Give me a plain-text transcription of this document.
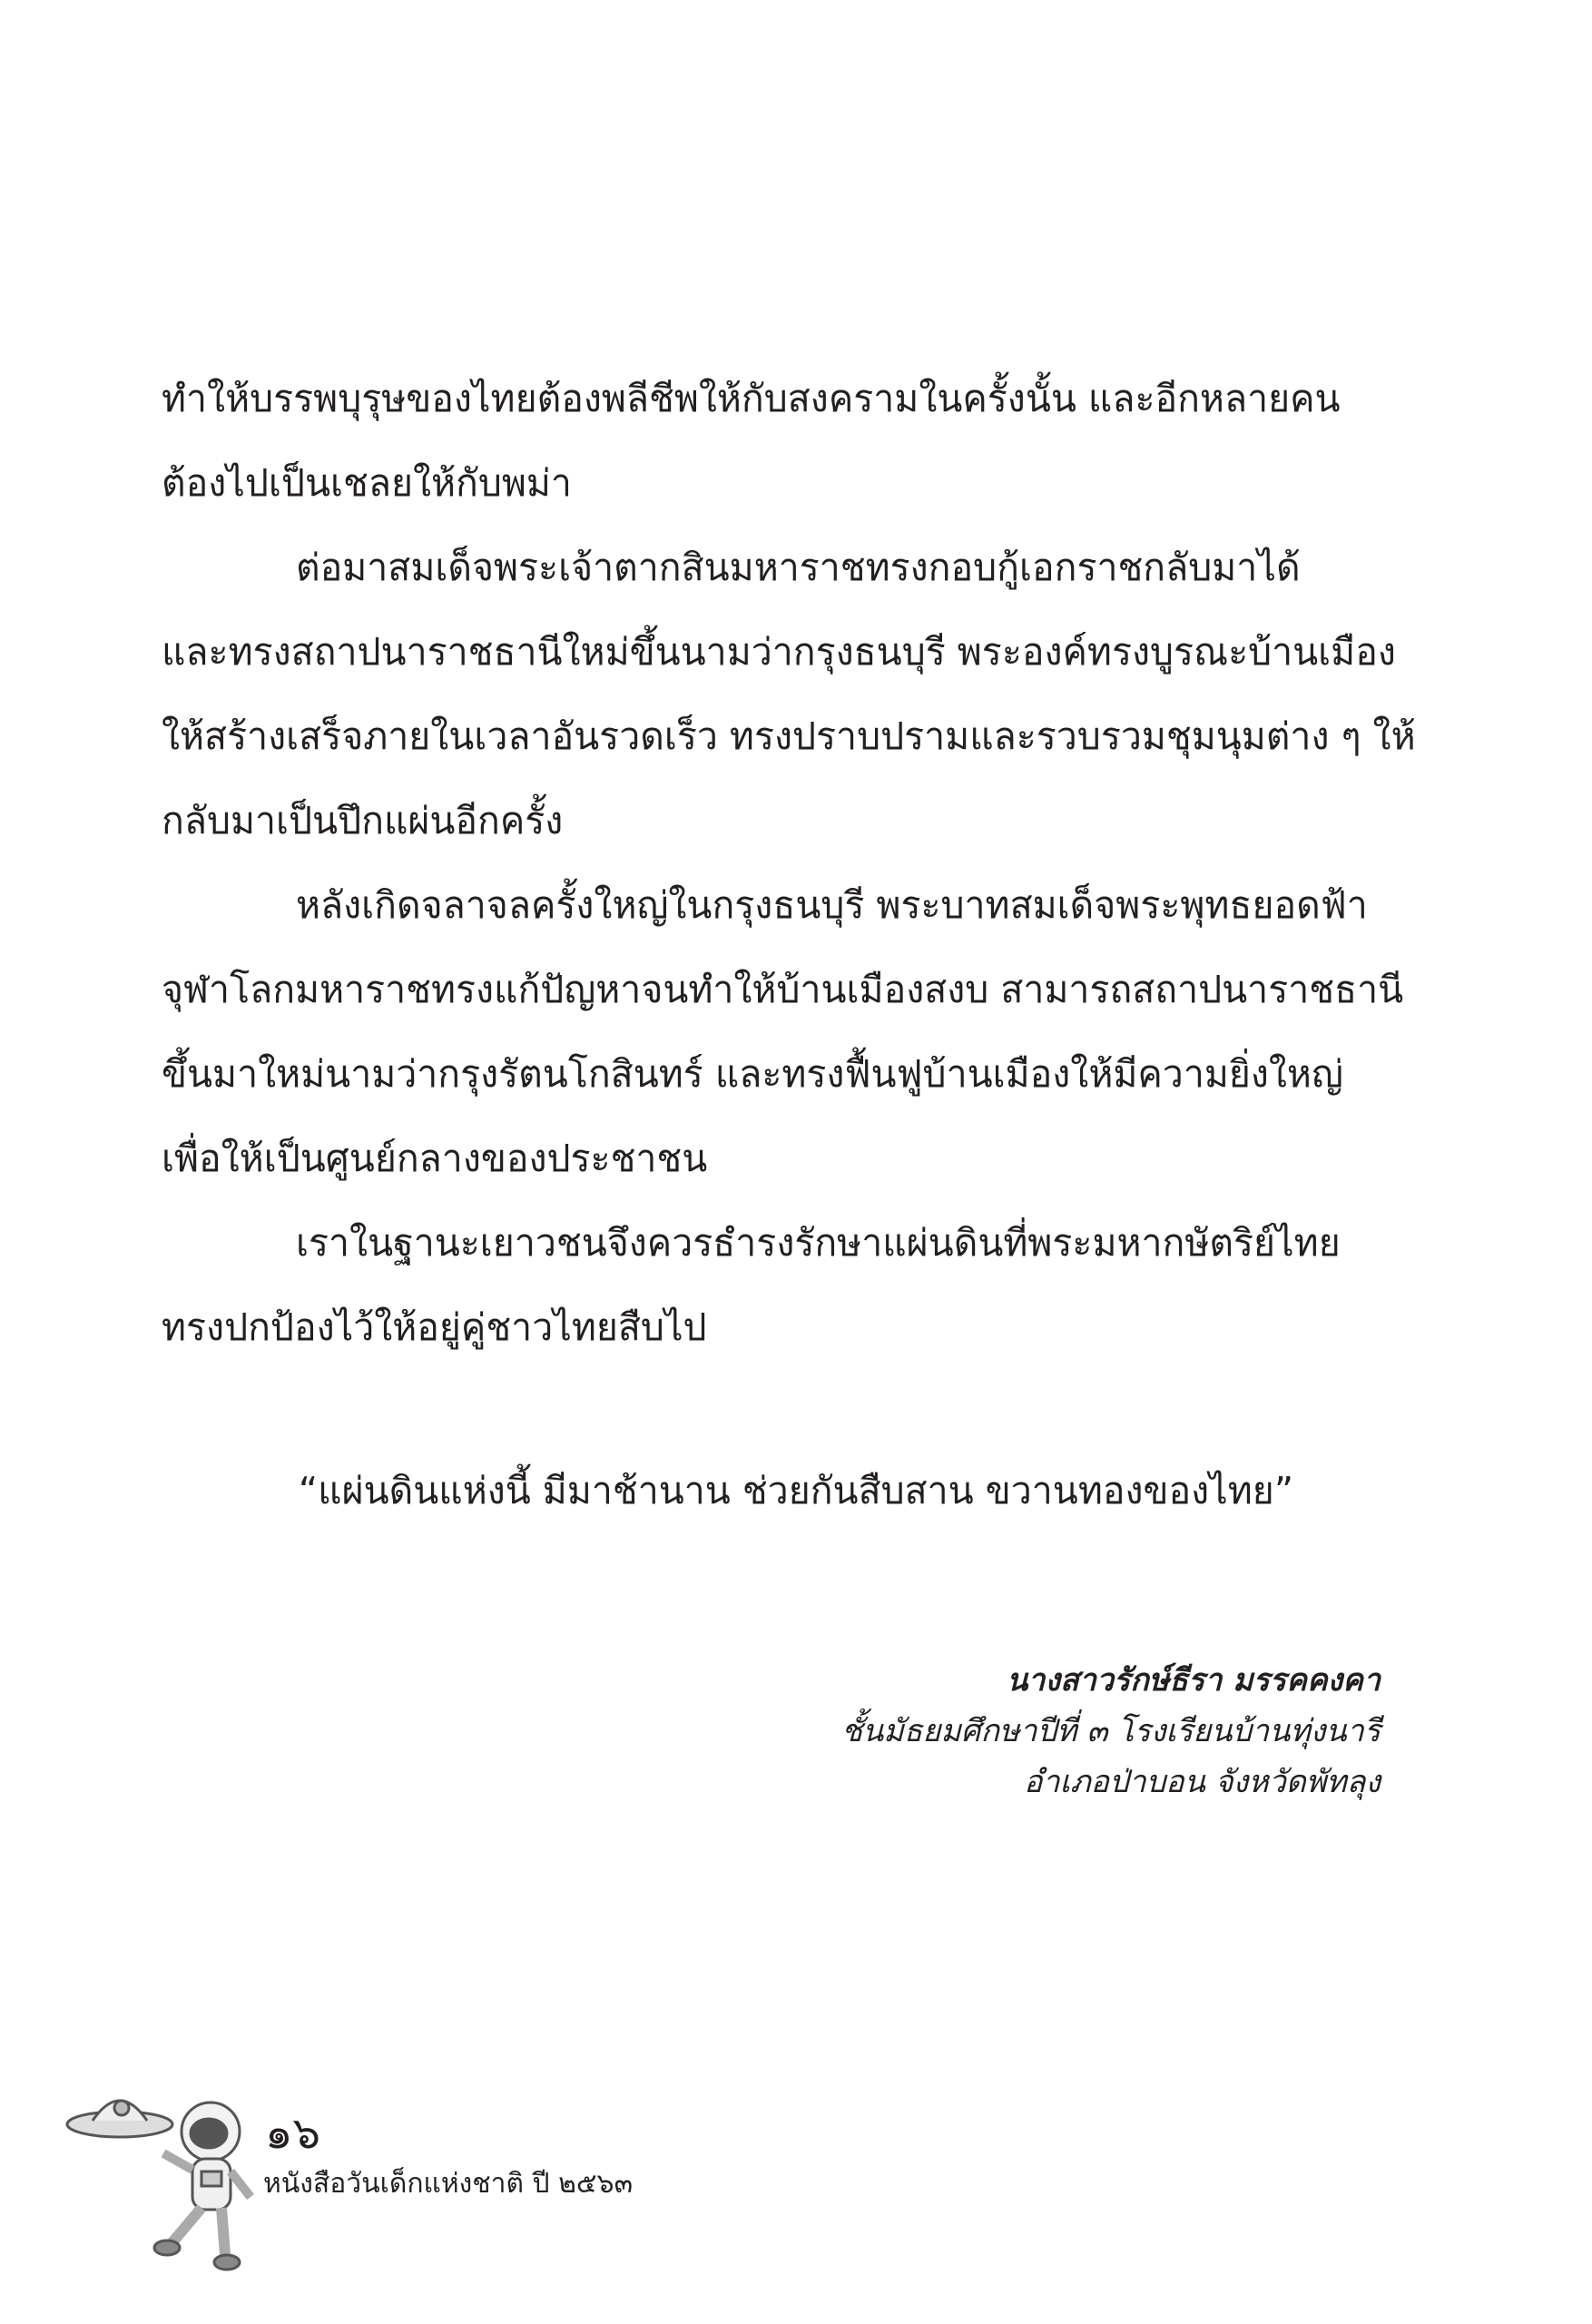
ทำให้บรรพบุรุษของไทยต้องพลีชีพให้กับสงครามในครั้งนั้น และอีกหลายคน
ต้องไปเป็นเชลยให้กับพม่า
ต่อมาสมเด็จพระเจ้าตากสินมหาราชทรงกอบกู้เอกราชกลับมาได้
และทรงสถาปนาราชธานีใหม่ขึ้นนามว่ากรุงธนบุรี พระองค์ทรงบูรณะบ้านเมือง
ให้สร้างเสร็จภายในเวลาอันรวดเร็ว ทรงปราบปรามและรวบรวมชุมนุมต่าง ๆ ให้
กลับมาเป็นปึกแผ่นอีกครั้ง
หลังเกิดจลาจลครั้งใหญ่ในกรุงธนบุรี พระบาทสมเด็จพระพุทธยอดฟ้า
จุฬาโลกมหาราชทรงแก้ปัญหาจนทำให้บ้านเมืองสงบ สามารถสถาปนาราชธานี
ขึ้นมาใหม่นามว่ากรุงรัตนโกสินทร์ และทรงฟื้นฟูบ้านเมืองให้มีความยิ่งใหญ่
เพื่อให้เป็นศูนย์กลางของประชาชน
เราในฐานะเยาวชนจึงควรธำรงรักษาแผ่นดินที่พระมหากษัตริย์ไทย
ทรงปกป้องไว้ให้อยู่คู่ชาวไทยสืบไป
“แผ่นดินแห่งนี้ มีมาช้านาน ช่วยกันสืบสาน ขวานทองของไทย”
นางสาวรักษ์ธีรา มรรคคงคา
ชั้นมัธยมศึกษาปีที่ ๓ โรงเรียนบ้านทุ่งนารี
อำเภอป่าบอน จังหวัดพัทลุง
๑๖
หนังสือวันเด็กแห่งชาติ ปี ๒๕๖๓
